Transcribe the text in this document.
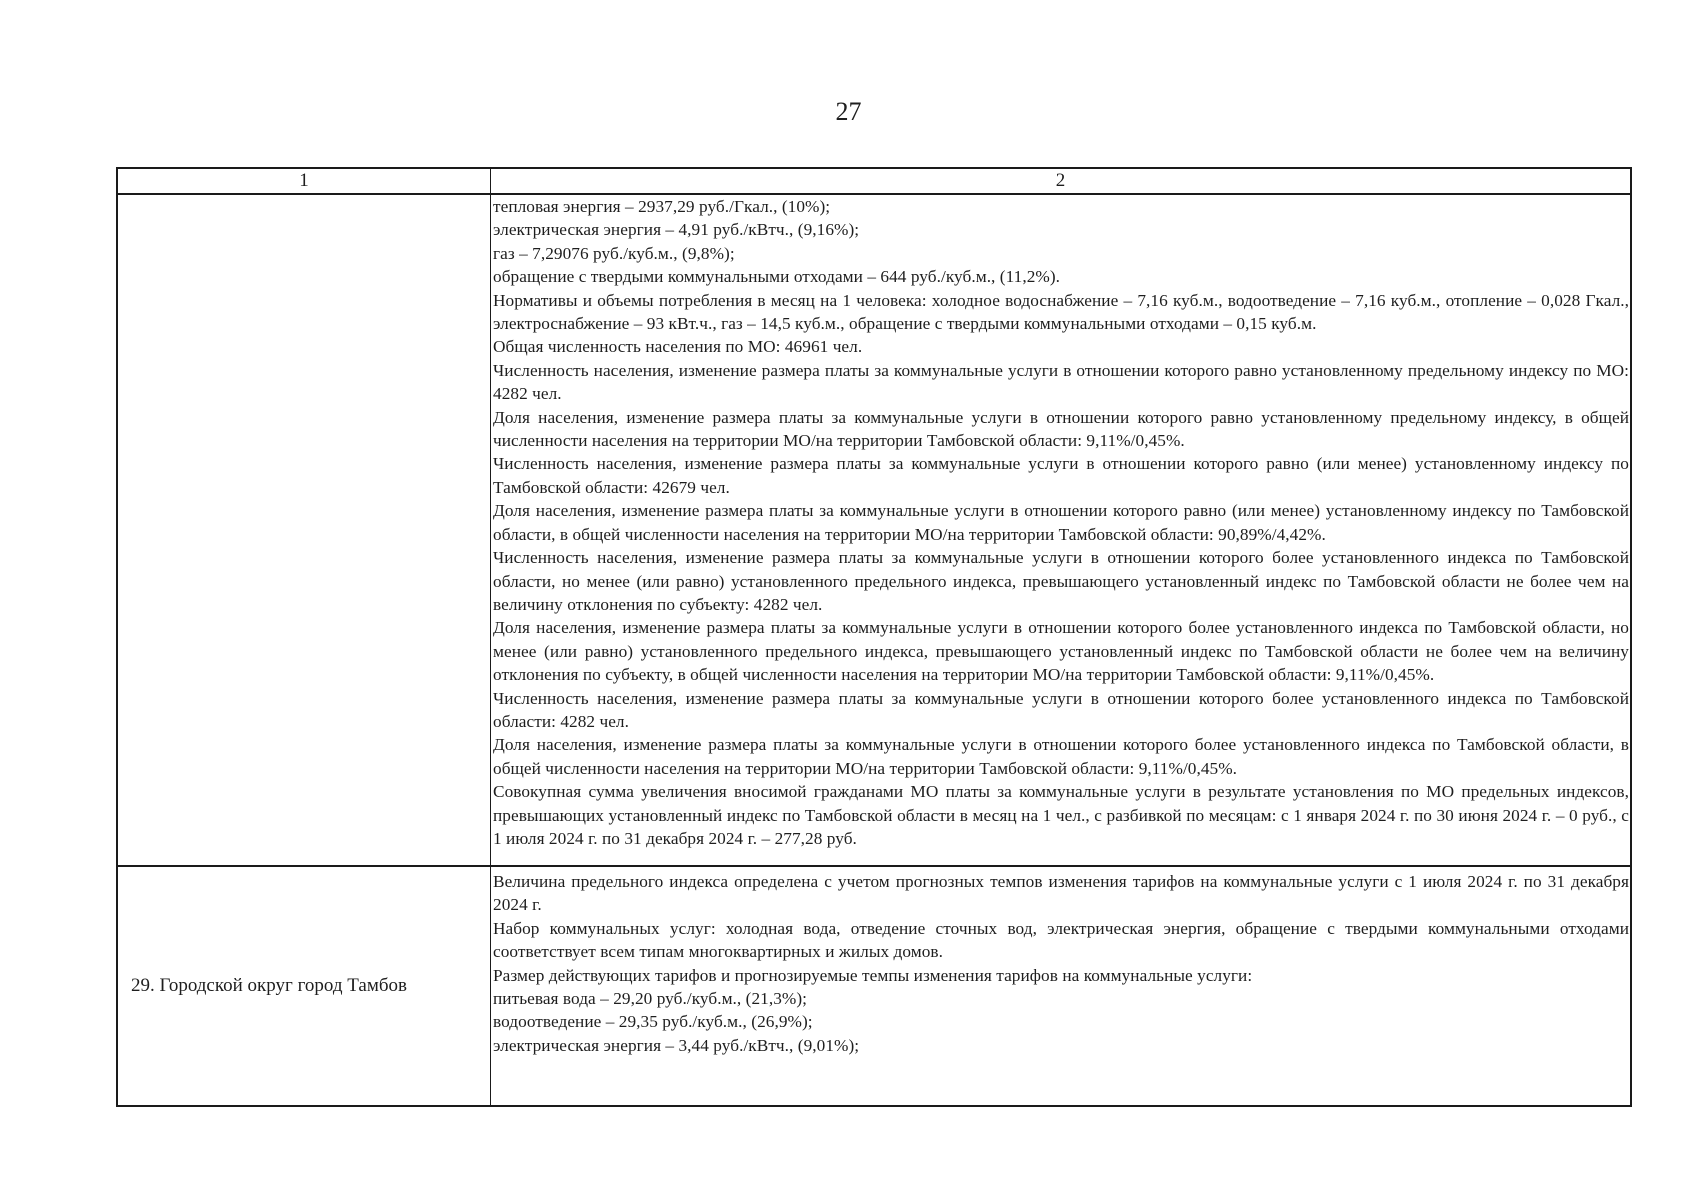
27
1	2
тепловая энергия – 2937,29 руб./Гкал., (10%);
электрическая энергия – 4,91 руб./кВтч., (9,16%);
газ – 7,29076 руб./куб.м., (9,8%);
обращение с твердыми коммунальными отходами – 644 руб./куб.м., (11,2%).
Нормативы и объемы потребления в месяц на 1 человека: холодное водоснабжение – 7,16 куб.м., водоотведение – 7,16 куб.м., отопление – 0,028 Гкал., электроснабжение – 93 кВт.ч., газ – 14,5 куб.м., обращение с твердыми коммунальными отходами – 0,15 куб.м.
Общая численность населения по МО: 46961 чел.
Численность населения, изменение размера платы за коммунальные услуги в отношении которого равно установленному предельному индексу по МО: 4282 чел.
Доля населения, изменение размера платы за коммунальные услуги в отношении которого равно установленному предельному индексу, в общей численности населения на территории МО/на территории Тамбовской области: 9,11%/0,45%.
Численность населения, изменение размера платы за коммунальные услуги в отношении которого равно (или менее) установленному индексу по Тамбовской области: 42679 чел.
Доля населения, изменение размера платы за коммунальные услуги в отношении которого равно (или менее) установленному индексу по Тамбовской области, в общей численности населения на территории МО/на территории Тамбовской области: 90,89%/4,42%.
Численность населения, изменение размера платы за коммунальные услуги в отношении которого более установленного индекса по Тамбовской области, но менее (или равно) установленного предельного индекса, превышающего установленный индекс по Тамбовской области не более чем на величину отклонения по субъекту: 4282 чел.
Доля населения, изменение размера платы за коммунальные услуги в отношении которого более установленного индекса по Тамбовской области, но менее (или равно) установленного предельного индекса, превышающего установленный индекс по Тамбовской области не более чем на величину отклонения по субъекту, в общей численности населения на территории МО/на территории Тамбовской области: 9,11%/0,45%.
Численность населения, изменение размера платы за коммунальные услуги в отношении которого более установленного индекса по Тамбовской области: 4282 чел.
Доля населения, изменение размера платы за коммунальные услуги в отношении которого более установленного индекса по Тамбовской области, в общей численности населения на территории МО/на территории Тамбовской области: 9,11%/0,45%.
Совокупная сумма увеличения вносимой гражданами МО платы за коммунальные услуги в результате установления по МО предельных индексов, превышающих установленный индекс по Тамбовской области в месяц на 1 чел., с разбивкой по месяцам: с 1 января 2024 г. по 30 июня 2024 г. – 0 руб., с 1 июля 2024 г. по 31 декабря 2024 г. – 277,28 руб.
29. Городской округ город Тамбов
Величина предельного индекса определена с учетом прогнозных темпов изменения тарифов на коммунальные услуги с 1 июля 2024 г. по 31 декабря 2024 г.
Набор коммунальных услуг: холодная вода, отведение сточных вод, электрическая энергия, обращение с твердыми коммунальными отходами соответствует всем типам многоквартирных и жилых домов.
Размер действующих тарифов и прогнозируемые темпы изменения тарифов на коммунальные услуги:
питьевая вода – 29,20 руб./куб.м., (21,3%);
водоотведение – 29,35 руб./куб.м., (26,9%);
электрическая энергия – 3,44 руб./кВтч., (9,01%);
